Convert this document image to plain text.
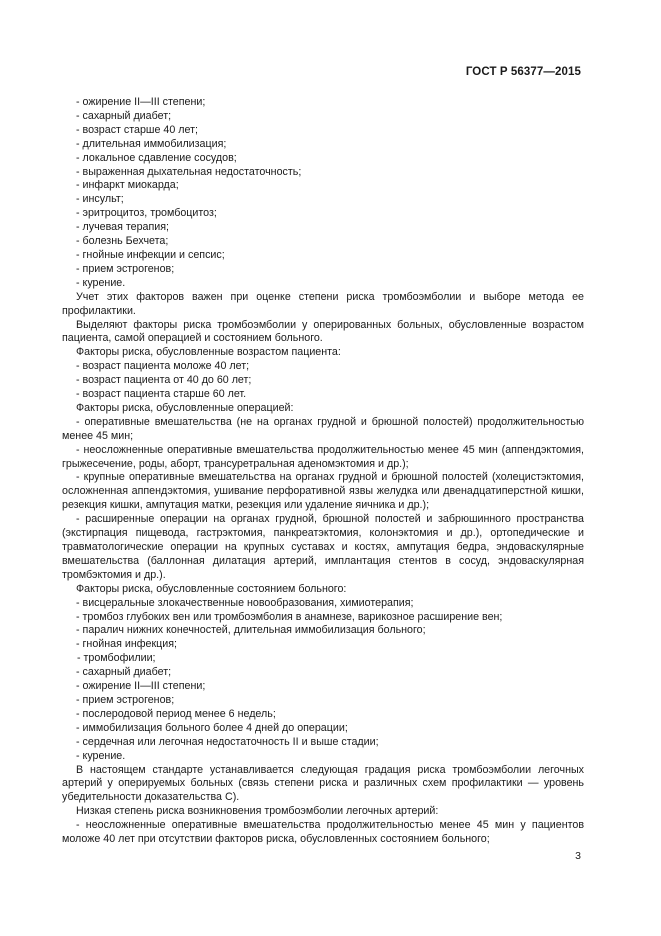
ГОСТ Р 56377—2015

- ожирение II—III степени;

- сахарный диабет;

- возраст старше 40 лет;

- длительная иммобилизация;

- локальное сдавление сосудов;

- выраженная дыхательная недостаточность;

- инфаркт миокарда;

- инсульт;

- эритроцитоз, тромбоцитоз;

- лучевая терапия;

- болезнь Бехчета;

- гнойные инфекции и сепсис;

- прием эстрогенов;

- курение.

Учет этих факторов важен при оценке степени риска тромбоэмболии и выборе метода ее профилактики.

Выделяют факторы риска тромбоэмболии у оперированных больных, обусловленные возрастом пациента, самой операцией и состоянием больного.

Факторы риска, обусловленные возрастом пациента:

- возраст пациента моложе 40 лет;

- возраст пациента от 40 до 60 лет;

- возраст пациента старше 60 лет.

Факторы риска, обусловленные операцией:

- оперативные вмешательства (не на органах грудной и брюшной полостей) продолжительностью менее 45 мин;

- неосложненные оперативные вмешательства продолжительностью менее 45 мин (аппендэктомия, грыжесечение, роды, аборт, трансуретральная аденомэктомия и др.);

- крупные оперативные вмешательства на органах грудной и брюшной полостей (холецистэктомия, осложненная аппендэктомия, ушивание перфоративной язвы желудка или двенадцатиперстной кишки, резекция кишки, ампутация матки, резекция или удаление яичника и др.);

- расширенные операции на органах грудной, брюшной полостей и забрюшинного пространства (экстирпация пищевода, гастрэктомия, панкреатэктомия, колонэктомия и др.), ортопедические и травматологические операции на крупных суставах и костях, ампутация бедра, эндоваскулярные вмешательства (баллонная дилатация артерий, имплантация стентов в сосуд, эндоваскулярная тромбэктомия и др.).

Факторы риска, обусловленные состоянием больного:

- висцеральные злокачественные новообразования, химиотерапия;

- тромбоз глубоких вен или тромбоэмболия в анамнезе, варикозное расширение вен;

- паралич нижних конечностей, длительная иммобилизация больного;

- гнойная инфекция;

- тромбофилии;

- сахарный диабет;

- ожирение II—III степени;

- прием эстрогенов;

- послеродовой период менее 6 недель;

- иммобилизация больного более 4 дней до операции;

- сердечная или легочная недостаточность II и выше стадии;

- курение.

В настоящем стандарте устанавливается следующая градация риска тромбоэмболии легочных артерий у оперируемых больных (связь степени риска и различных схем профилактики — уровень убедительности доказательства С).

Низкая степень риска возникновения тромбоэмболии легочных артерий:

- неосложненные оперативные вмешательства продолжительностью менее 45 мин у пациентов моложе 40 лет при отсутствии факторов риска, обусловленных состоянием больного;

3
